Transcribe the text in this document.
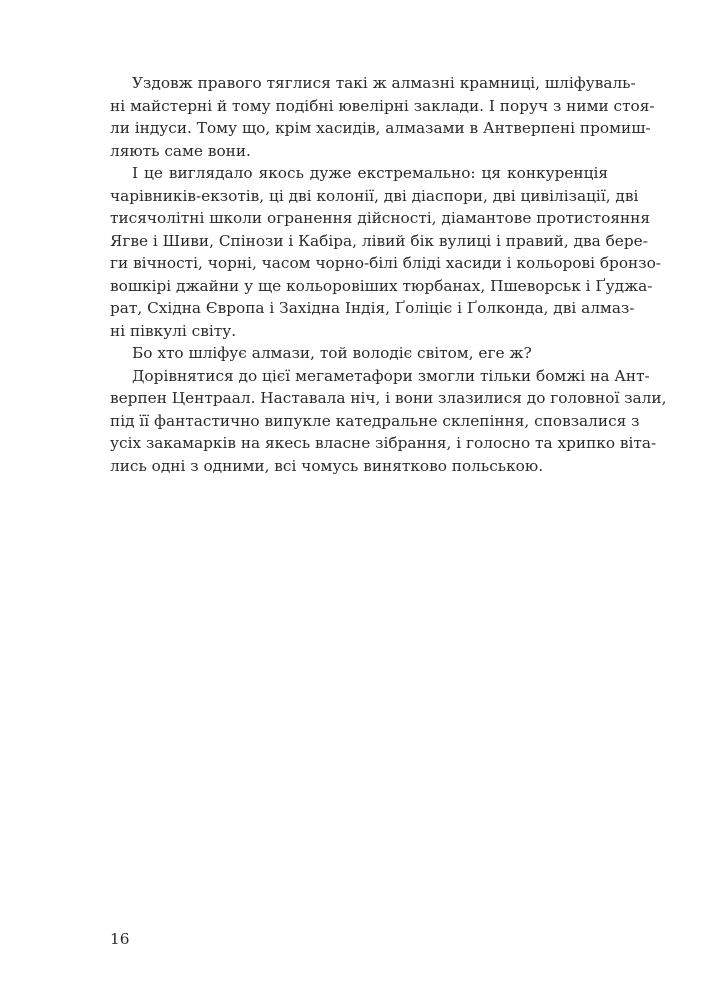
Уздовж правого тяглися такі ж алмазні крамниці, шліфуваль-
ні майстерні й тому подібні ювелірні заклади. І поруч з ними стоя-
ли індуси. Тому що, крім хасидів, алмазами в Антверпені промиш-
ляють саме вони.
І це виглядало якось дуже екстремально: ця конкуренція
чарівників-екзотів, ці дві колонії, дві діаспори, дві цивілізації, дві
тисячолітні школи огранення дійсності, діамантове протистояння
Ягве і Шиви, Спінози і Кабіра, лівий бік вулиці і правий, два бере-
ги вічності, чорні, часом чорно-білі бліді хасиди і кольорові бронзо-
вошкірі джайни у ще кольоровіших тюрбанах, Пшеворськ і Ґуджа-
рат, Східна Європа і Західна Індія, Ґоліціє і Ґолконда, дві алмаз-
ні півкулі світу.
Бо хто шліфує алмази, той володіє світом, еге ж?
Дорівнятися до цієї мегаметафори змогли тільки бомжі на Ант-
верпен Центраал. Наставала ніч, і вони злазилися до головної зали,
під її фантастично випукле катедральне склепіння, сповзалися з
усіх закамарків на якесь власне зібрання, і голосно та хрипко віта-
лись одні з одними, всі чомусь винятково польською.
16
